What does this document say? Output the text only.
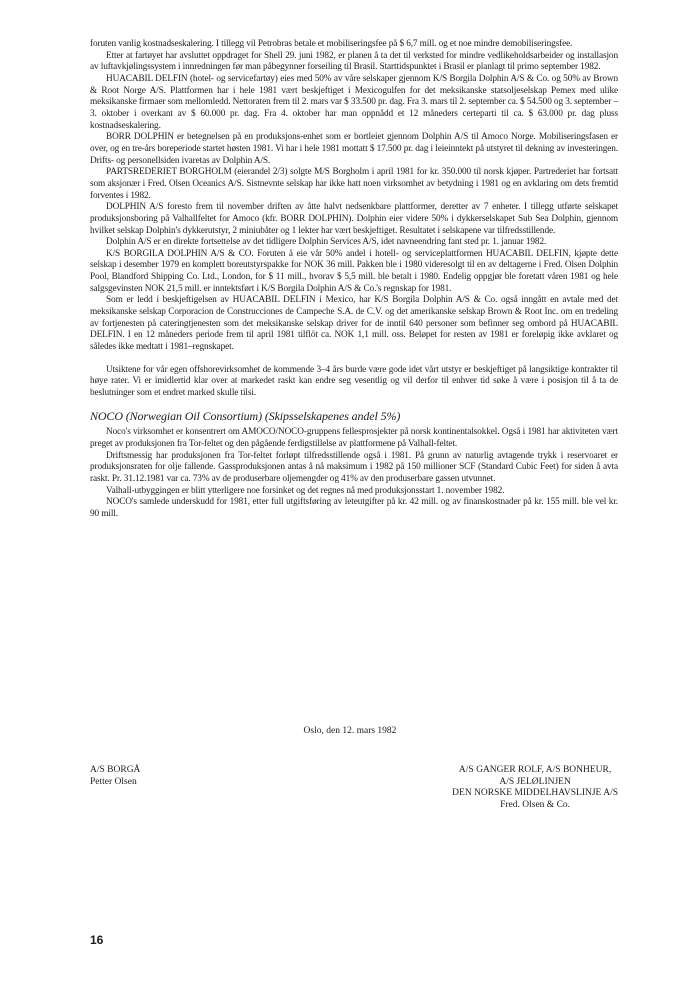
foruten vanlig kostnadseskalering. I tillegg vil Petrobras betale et mobiliseringsfee på $ 6,7 mill. og et noe mindre demobiliseringsfee.

Etter at fartøyet har avsluttet oppdraget for Shell 29. juni 1982, er planen å ta det til verksted for mindre vedlikeholdsarbeider og installasjon av luftavkjølingssystem i innredningen før man påbegynner forseiling til Brasil. Starttidspunktet i Brasil er planlagt til primo september 1982.

HUACABIL DELFIN (hotel- og servicefartøy) eies med 50% av våre selskaper gjennom K/S Borgila Dolphin A/S & Co. og 50% av Brown & Root Norge A/S. Plattformen har i hele 1981 vært beskjeftiget i Mexicogulfen for det meksikanske statsoljeselskap Pemex med ulike meksikanske firmaer som mellomledd. Nettoraten frem til 2. mars var $ 33.500 pr. dag. Fra 3. mars til 2. september ca. $ 54.500 og 3. september – 3. oktober i overkant av $ 60.000 pr. dag. Fra 4. oktober har man oppnådd et 12 måneders certeparti til ca. $ 63.000 pr. dag pluss kostnadseskalering.

BORR DOLPHIN er betegnelsen på en produksjons-enhet som er bortleiet gjennom Dolphin A/S til Amoco Norge. Mobiliseringsfasen er over, og en tre-års boreperiode startet høsten 1981. Vi har i hele 1981 mottatt $ 17.500 pr. dag i leieinntekt på utstyret til dekning av investeringen. Drifts- og personellsiden ivaretas av Dolphin A/S.

PARTSREDERIET BORGHOLM (eierandel 2/3) solgte M/S Borgholm i april 1981 for kr. 350.000 til norsk kjøper. Partrederiet har fortsatt som aksjonær i Fred. Olsen Oceanics A/S. Sistnevnte selskap har ikke hatt noen virksomhet av betydning i 1981 og en avklaring om dets fremtid forventes i 1982.

DOLPHIN A/S foresto frem til november driften av åtte halvt nedsenkbare plattformer, deretter av 7 enheter. I tillegg utførte selskapet produksjonsboring på Valhallfeltet for Amoco (kfr. BORR DOLPHIN). Dolphin eier videre 50% i dykkerselskapet Sub Sea Dolphin, gjennom hvilket selskap Dolphin's dykkerutstyr, 2 miniubåter og 1 lekter har vært beskjeftiget. Resultatet i selskapene var tilfredsstillende.

Dolphin A/S er en direkte fortsettelse av det tidligere Dolphin Services A/S, idet navneendring fant sted pr. 1. januar 1982.

K/S BORGILA DOLPHIN A/S & CO. Foruten å eie vår 50% andel i hotell- og serviceplattformen HUACABIL DELFIN, kjøpte dette selskap i desember 1979 en komplett boreutstyrspakke for NOK 36 mill. Pakken ble i 1980 videresolgt til en av deltagerne i Fred. Olsen Dolphin Pool, Blandford Shipping Co. Ltd., London, for $ 11 mill., hvorav $ 5,5 mill. ble betalt i 1980. Endelig oppgjør ble foretatt våren 1981 og hele salgsgevinsten NOK 21,5 mill. er inntektsført i K/S Borgila Dolphin A/S & Co.'s regnskap for 1981.

Som er ledd i beskjeftigelsen av HUACABIL DELFIN i Mexico, har K/S Borgila Dolphin A/S & Co. også inngått en avtale med det meksikanske selskap Corporacion de Construcciones de Campeche S.A. de C.V. og det amerikanske selskap Brown & Root Inc. om en tredeling av fortjenesten på cateringtjenesten som det meksikanske selskap driver for de inntil 640 personer som befinner seg ombord på HUACABIL DELFIN. I en 12 måneders periode frem til april 1981 tilflöt ca. NOK 1,1 mill. oss. Beløpet for resten av 1981 er foreløpig ikke avklaret og således ikke medtatt i 1981–regnskapet.

Utsiktene for vår egen offshorevirksomhet de kommende 3–4 års burde være gode idet vårt utstyr er beskjeftiget på langsiktige kontrakter til høye rater. Vi er imidlertid klar over at markedet raskt kan endre seg vesentlig og vil derfor til enhver tid søke å være i posisjon til å ta de beslutninger som et endret marked skulle tilsi.

NOCO (Norwegian Oil Consortium) (Skipsselskapenes andel 5%)

Noco's virksomhet er konsentrert om AMOCO/NOCO-gruppens fellesprosjekter på norsk kontinentalsokkel. Også i 1981 har aktiviteten vært preget av produksjonen fra Tor-feltet og den pågående ferdigstillelse av plattformene på Valhall-feltet.

Driftsmessig har produksjonen fra Tor-feltet forløpt tilfredsstillende også i 1981. På grunn av naturlig avtagende trykk i reservoaret er produksjonsraten for olje fallende. Gassproduksjonen antas å nå maksimum i 1982 på 150 millioner SCF (Standard Cubic Feet) for siden å avta raskt. Pr. 31.12.1981 var ca. 73% av de produserbare oljemengder og 41% av den produserbare gassen utvunnet.

Valhall-utbyggingen er blitt ytterligere noe forsinket og det regnes nå med produksjonsstart 1. november 1982.

NOCO's samlede underskudd for 1981, etter full utgiftsføring av leteutgifter på kr. 42 mill. og av finanskostnader på kr. 155 mill. ble vel kr. 90 mill.

Oslo, den 12. mars 1982
A/S BORGÅ
Petter Olsen
A/S GANGER ROLF, A/S BONHEUR,
A/S JELØLINJEN
DEN NORSKE MIDDELHAVSLINJE A/S
Fred. Olsen & Co.
16
